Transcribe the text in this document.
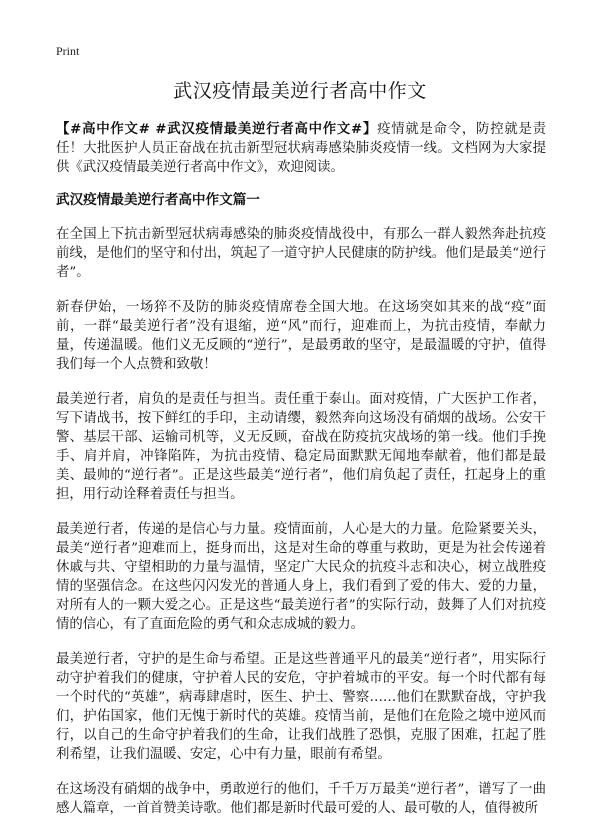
Print
武汉疫情最美逆行者高中作文

【#高中作文# #武汉疫情最美逆行者高中作文#】疫情就是命令，防控就是责任！大批医护人员正奋战在抗击新型冠状病毒感染肺炎疫情一线。文档网为大家提供《武汉疫情最美逆行者高中作文》，欢迎阅读。

武汉疫情最美逆行者高中作文篇一

在全国上下抗击新型冠状病毒感染的肺炎疫情战役中，有那么一群人毅然奔赴抗疫前线，是他们的坚守和付出，筑起了一道守护人民健康的防护线。他们是最美“逆行者”。

新春伊始，一场猝不及防的肺炎疫情席卷全国大地。在这场突如其来的战“疫”面前，一群“最美逆行者”没有退缩，逆“风”而行，迎难而上，为抗击疫情，奉献力量，传递温暖。他们义无反顾的“逆行”，是最勇敢的坚守，是最温暖的守护，值得我们每一个人点赞和致敬！

最美逆行者，肩负的是责任与担当。责任重于泰山。面对疫情，广大医护工作者，写下请战书，按下鲜红的手印，主动请缨，毅然奔向这场没有硝烟的战场。公安干警、基层干部、运输司机等，义无反顾，奋战在防疫抗灾战场的第一线。他们手挽手、肩并肩，冲锋陷阵，为抗击疫情、稳定局面默默无闻地奉献着，他们都是最美、最帅的“逆行者”。正是这些最美“逆行者”，他们肩负起了责任，扛起身上的重担，用行动诠释着责任与担当。

最美逆行者，传递的是信心与力量。疫情面前，人心是大的力量。危险紧要关头，最美“逆行者”迎难而上，挺身而出，这是对生命的尊重与救助，更是为社会传递着休戚与共、守望相助的力量与温情，坚定广大民众的抗疫斗志和决心，树立战胜疫情的坚强信念。在这些闪闪发光的普通人身上，我们看到了爱的伟大、爱的力量，对所有人的一颗大爱之心。正是这些“最美逆行者”的实际行动，鼓舞了人们对抗疫情的信心，有了直面危险的勇气和众志成城的毅力。

最美逆行者，守护的是生命与希望。正是这些普通平凡的最美“逆行者”，用实际行动守护着我们的健康，守护着人民的安危，守护着城市的平安。每一个时代都有每一个时代的“英雄”，病毒肆虐时，医生、护士、警察……他们在默默奋战，守护我们，护佑国家，他们无愧于新时代的英雄。疫情当前，是他们在危险之境中逆风而行，以自己的生命守护着我们的生命，让我们战胜了恐惧，克服了困难，扛起了胜利希望，让我们温暖、安定，心中有力量，眼前有希望。

在这场没有硝烟的战争中，勇敢逆行的他们，千千万万最美“逆行者”，谱写了一曲感人篇章，一首首赞美诗歌。他们都是新时代最可爱的人、最可敬的人，值得被所
